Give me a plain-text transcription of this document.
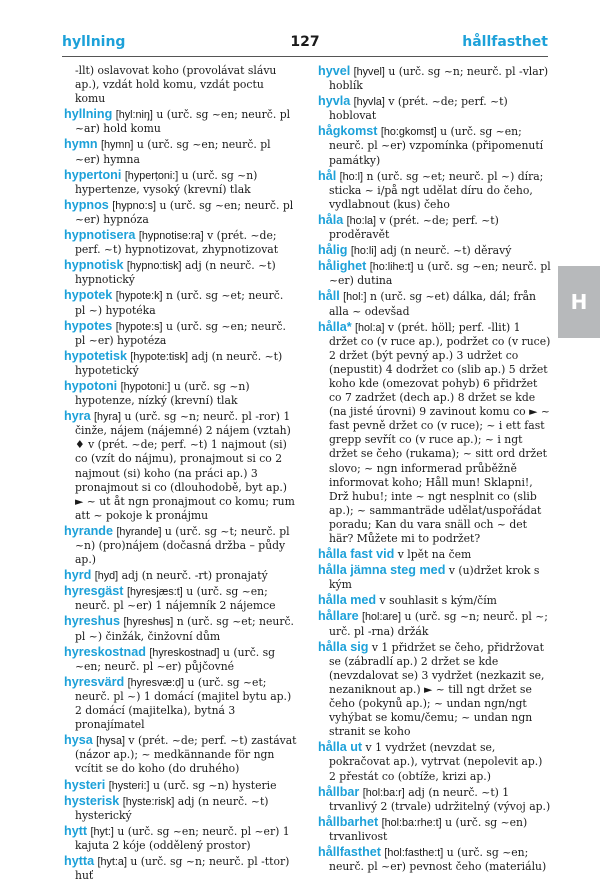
hyllning	127	hållfasthet
-llt) oslavovat koho (provolávat slávu ap.), vzdát hold komu, vzdát poctu komu
hyllning [hyl:niŋ] u (urč. sg ~en; neurč. pl ~ar) hold komu
hymn [hymn] u (urč. sg ~en; neurč. pl ~er) hymna
hypertoni [hyperṭoni:] u (urč. sg ~n) hypertenze, vysoký (krevní) tlak
hypnos [hypno:s] u (urč. sg ~en; neurč. pl ~er) hypnóza
hypnotisera [hypnotise:ra] v (prét. ~de; perf. ~t) hypnotizovat, zhypnotizovat
hypnotisk [hypno:tisk] adj (n neurč. ~t) hypnotický
hypotek [hypote:k] n (urč. sg ~et; neurč. pl ~) hypotéka
hypotes [hypote:s] u (urč. sg ~en; neurč. pl ~er) hypotéza
hypotetisk [hypote:tisk] adj (n neurč. ~t) hypotetický
hypotoni [hypotoni:] u (urč. sg ~n) hypotenze, nízký (krevní) tlak
hyra [hyra] u (urč. sg ~n; neurč. pl -ror) 1 činže, nájem (nájemné) 2 nájem (vztah) ♦ v (prét. ~de; perf. ~t) 1 najmout (si) co (vzít do nájmu), pronajmout si co 2 najmout (si) koho (na práci ap.) 3 pronajmout si co (dlouhodobě, byt ap.) ► ~ ut åt ngn pronajmout co komu; rum att ~ pokoje k pronájmu
hyrande [hyrande] u (urč. sg ~t; neurč. pl ~n) (pro)nájem (dočasná držba – půdy ap.)
hyrd [hyd] adj (n neurč. -rt) pronajatý
hyresgäst [hyresjæs:t] u (urč. sg ~en; neurč. pl ~er) 1 nájemník 2 nájemce
hyreshus [hyreshʉs] n (urč. sg ~et; neurč. pl ~) činžák, činžovní dům
hyreskostnad [hyreskostnad] u (urč. sg ~en; neurč. pl ~er) půjčovné
hyresvärd [hyresvæ:ḍ] u (urč. sg ~et; neurč. pl ~) 1 domácí (majitel bytu ap.) 2 domácí (majitelka), bytná 3 pronajímatel
hysa [hysa] v (prét. ~de; perf. ~t) zastávat (názor ap.); ~ medkännande för ngn vcítit se do koho (do druhého)
hysteri [hysteri:] u (urč. sg ~n) hysterie
hysterisk [hyste:risk] adj (n neurč. ~t) hysterický
hytt [hyt:] u (urč. sg ~en; neurč. pl ~er) 1 kajuta 2 kóje (oddělený prostor)
hytta [hyt:a] u (urč. sg ~n; neurč. pl -ttor) huť
hyvel [hyvel] u (urč. sg ~n; neurč. pl -vlar) hoblík
hyvla [hyvla] v (prét. ~de; perf. ~t) hoblovat
hågkomst [ho:gkomst] u (urč. sg ~en; neurč. pl ~er) vzpomínka (připomenutí památky)
hål [ho:l] n (urč. sg ~et; neurč. pl ~) díra; sticka ~ i/på ngt udělat díru do čeho, vydlabnout (kus) čeho
håla [ho:la] v (prét. ~de; perf. ~t) proděravět
hålig [ho:li] adj (n neurč. ~t) děravý
hålighet [ho:lihe:t] u (urč. sg ~en; neurč. pl ~er) dutina
håll [hol:] n (urč. sg ~et) dálka, dál; från alla ~ odevšad
hålla* [hol:a] v (prét. höll; perf. -llit) 1 držet co (v ruce ap.), podržet co (v ruce) 2 držet (být pevný ap.) 3 udržet co (nepustit) 4 dodržet co (slib ap.) 5 držet koho kde (omezovat pohyb) 6 přidržet co 7 zadržet (dech ap.) 8 držet se kde (na jisté úrovni) 9 zavinout komu co ► ~ fast pevně držet co (v ruce); ~ i ett fast grepp sevřít co (v ruce ap.); ~ i ngt držet se čeho (rukama); ~ sitt ord držet slovo; ~ ngn informerad průběžně informovat koho; Håll mun! Sklapni!, Drž hubu!; inte ~ ngt nesplnit co (slib ap.); ~ sammanträde udělat/uspořádat poradu; Kan du vara snäll och ~ det här? Můžete mi to podržet?
hålla fast vid v lpět na čem
hålla jämna steg med v (u)držet krok s kým
hålla med v souhlasit s kým/čím
hållare [hol:are] u (urč. sg ~n; neurč. pl ~; urč. pl -rna) držák
hålla sig v 1 přidržet se čeho, přidržovat se (zábradlí ap.) 2 držet se kde (nevzdalovat se) 3 vydržet (nezkazit se, nezaniknout ap.) ► ~ till ngt držet se čeho (pokynů ap.); ~ undan ngn/ngt vyhýbat se komu/čemu; ~ undan ngn stranit se koho
hålla ut v 1 vydržet (nevzdat se, pokračovat ap.), vytrvat (nepolevit ap.) 2 přestát co (obtíže, krizi ap.)
hållbar [hol:ba:r] adj (n neurč. ~t) 1 trvanlivý 2 (trvale) udržitelný (vývoj ap.)
hållbarhet [hol:ba:rhe:t] u (urč. sg ~en) trvanlivost
hållfasthet [hol:fasthe:t] u (urč. sg ~en; neurč. pl ~er) pevnost čeho (materiálu)
H
